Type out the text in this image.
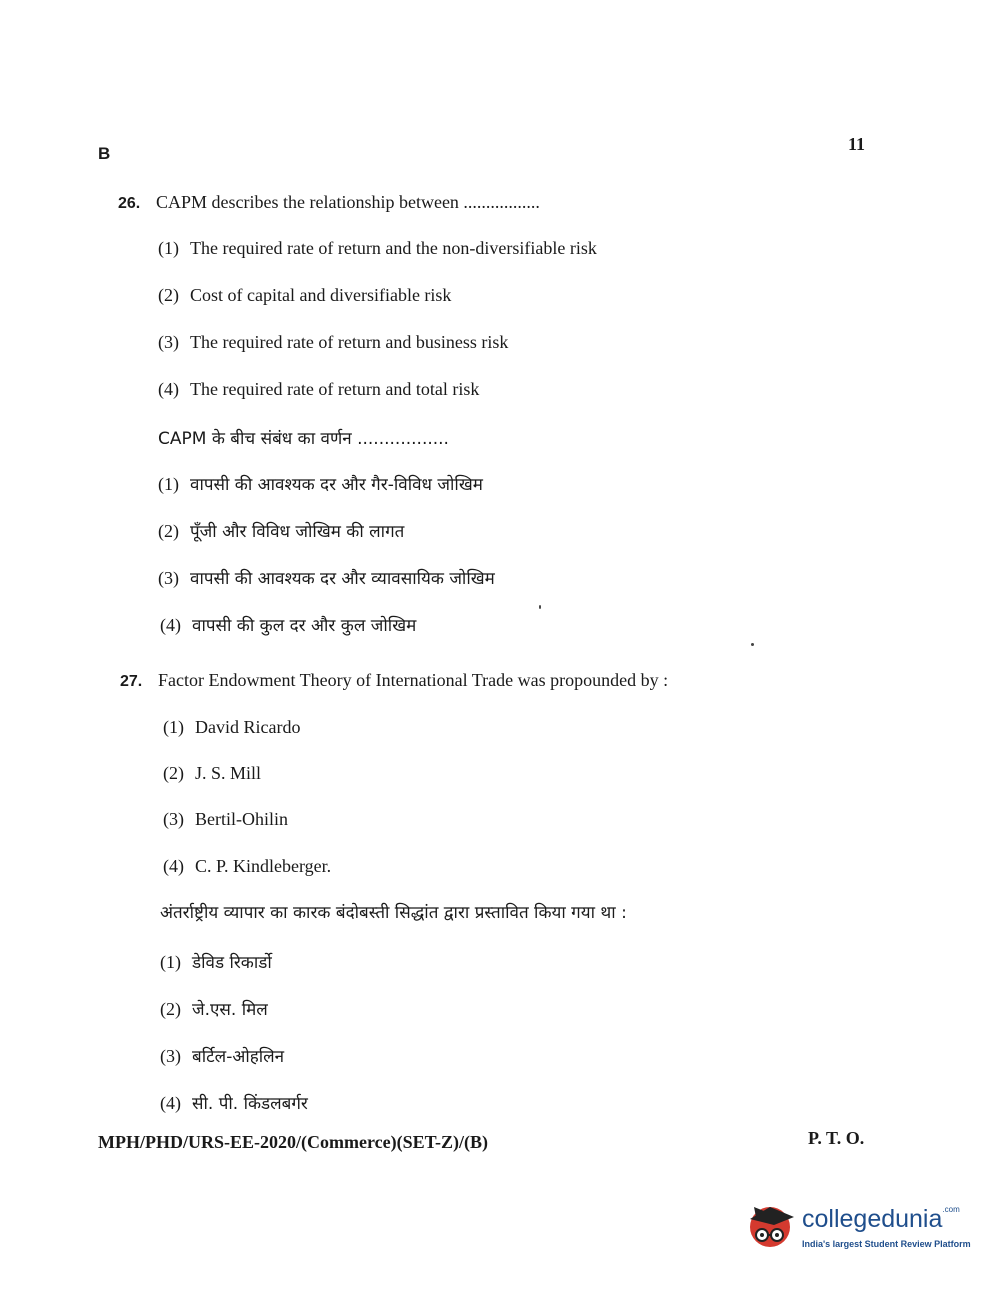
B	11
26. CAPM describes the relationship between .................
(1) The required rate of return and the non-diversifiable risk
(2) Cost of capital and diversifiable risk
(3) The required rate of return and business risk
(4) The required rate of return and total risk
CAPM के बीच संबंध का वर्णन .................
(1) वापसी की आवश्यक दर और गैर-विविध जोखिम
(2) पूँजी और विविध जोखिम की लागत
(3) वापसी की आवश्यक दर और व्यावसायिक जोखिम
(4) वापसी की कुल दर और कुल जोखिम
27. Factor Endowment Theory of International Trade was propounded by :
(1) David Ricardo
(2) J. S. Mill
(3) Bertil-Ohilin
(4) C. P. Kindleberger.
अंतर्राष्ट्रीय व्यापार का कारक बंदोबस्ती सिद्धांत द्वारा प्रस्तावित किया गया था :
(1) डेविड रिकार्डो
(2) जे.एस. मिल
(3) बर्टिल-ओहलिन
(4) सी. पी. किंडलबर्गर
MPH/PHD/URS-EE-2020/(Commerce)(SET-Z)/(B)	P. T. O.
collegedunia$^{.com}$
India's largest Student Review Platform
